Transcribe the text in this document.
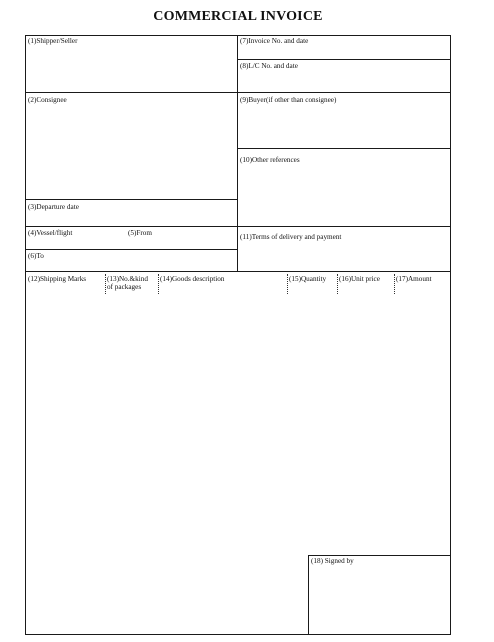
COMMERCIAL INVOICE
(1)Shipper/Seller	(7)Invoice No. and date
(8)L/C No. and date
(2)Consignee	(9)Buyer(if other than consignee)
(10)Other references
(3)Departure date
(4)Vessel/flight	(5)From	(11)Terms of delivery and payment
(6)To
(12)Shipping Marks	(13)No.&kind
of packages
(14)Goods description	(15)Quantity (16)Unit price (17)Amount
(18) Signed by
